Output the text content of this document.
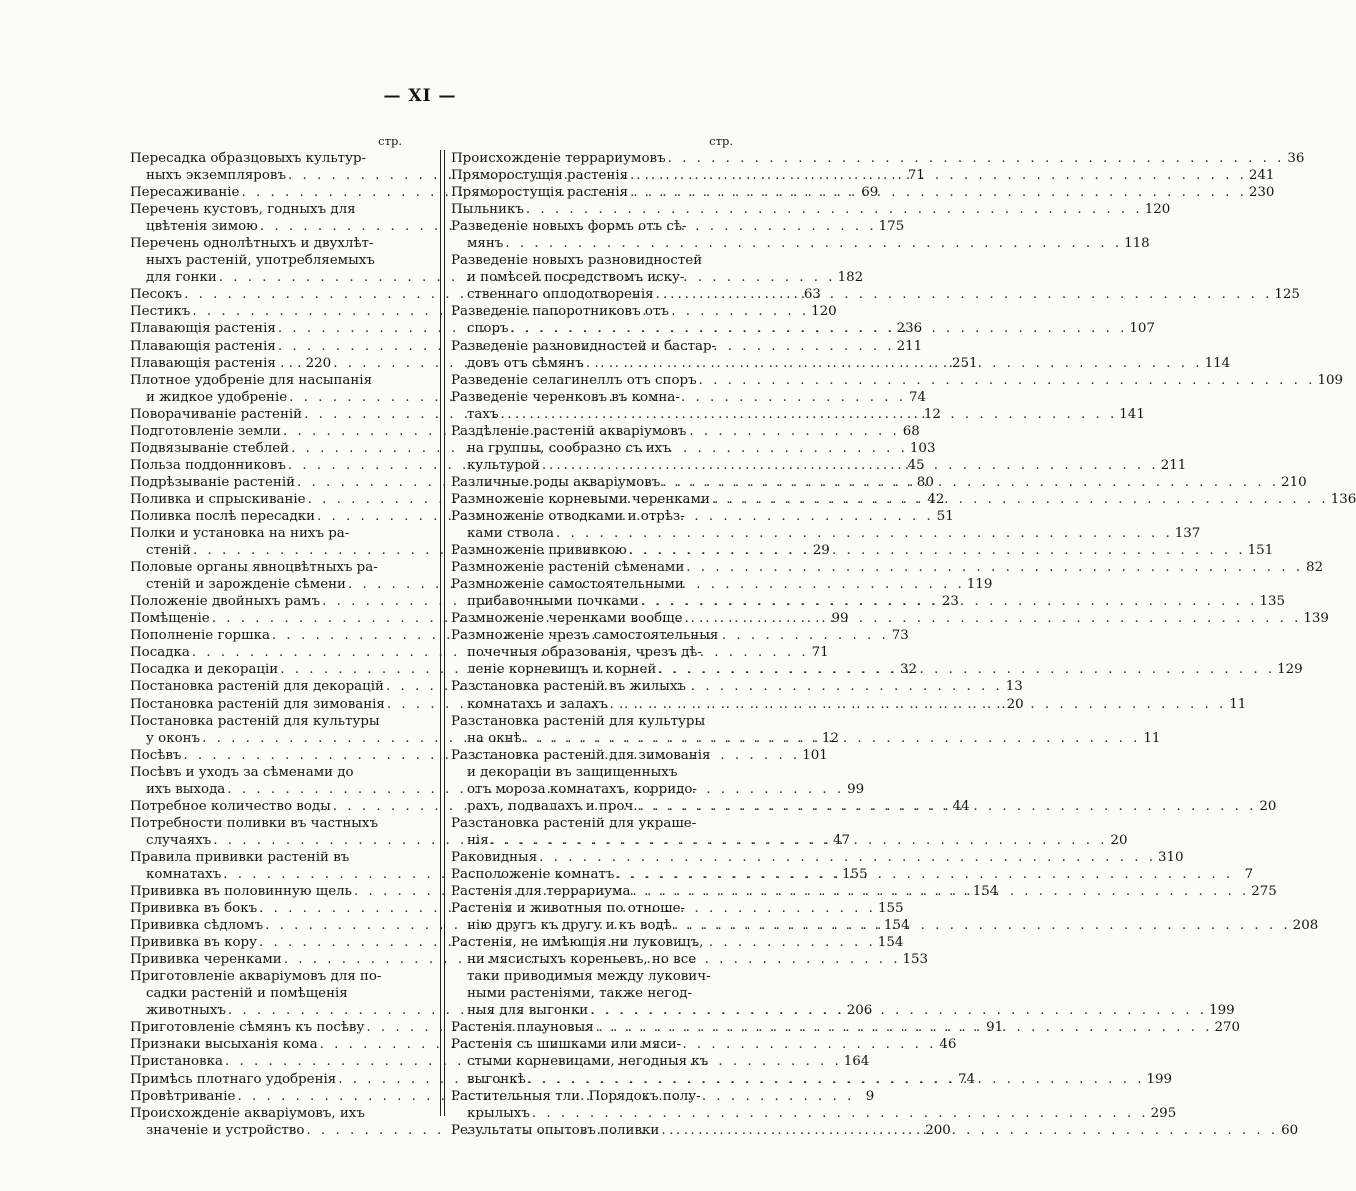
— XI —
стр.
Пересадка образцовыхъ культур-
ныхъ экземпляровъ . . .	71
Пересаживаніе . . .	69
Перечень кустовъ, годныхъ для
цвѣтенія зимою . . .	175
Перечень однолѣтныхъ и двухлѣт-
ныхъ растеній, употребляемыхъ
для гонки . . .	182
Песокъ . . .	63
Пестикъ . . .	120
Плавающія растенія . . .	236
Плавающія растенія . . .	211
Плавающія растенія . . . 220 . . .	251
Плотное удобреніе для насыпанія
и жидкое удобреніе . . .	74
Поворачиваніе растеній . . .	12
Подготовленіе земли . . .	68
Подвязываніе стеблей . . .	103
Польза поддонниковъ . . .	45
Подрѣзываніе растеній . . .	80
Поливка и спрыскиваніе . . .	42
Поливка послѣ пересадки . . .	51
Полки и установка на нихъ ра-
стеній . . .	29
Половые органы явноцвѣтныхъ ра-
стеній и зарожденіе сѣмени . . .	119
Положеніе двойныхъ рамъ . . .	23
Помѣщеніе . . .	99
Пополненіе горшка . . .	73
Посадка . . .	71
Посадка и декораціи . . .	32
Постановка растеній для декорацій . . .	13
Постановка растеній для зимованія . . .	20
Постановка растеній для культуры
у оконъ . . .	12
Посѣвъ . . .	101
Посѣвъ и уходъ за сѣменами до
ихъ выхода . . .	99
Потребное количество воды . . .	44
Потребности поливки въ частныхъ
случаяхъ . . .	47
Правила прививки растеній въ
комнатахъ . . .	155
Прививка въ половинную щель . . .	154
Прививка въ бокъ . . .	155
Прививка сѣдломъ . . .	154
Прививка въ кору . . .	154
Прививка черенками . . .	153
Приготовленіе акваріумовъ для по-
садки растеній и помѣщенія
животныхъ . . .	206
Приготовленіе сѣмянъ къ посѣву . . .	91
Признаки высыханія кома . . .	46
Пристановка . . .	164
Примѣсь плотнаго удобренія . . .	74
Провѣтриваніе . . .	9
Происхожденіе акваріумовъ, ихъ
значеніе и устройство . . .	200
стр.
Происхожденіе террариумовъ . . .	36
Пряморостущія растенія . . .	241
Пряморостущія растенія . . .	230
Пыльникъ . . .	120
Разведеніе новыхъ формъ отъ сѣ-
мянъ . . .	118
Разведеніе новыхъ разновидностей
и помѣсей посредствомъ иску-
ственнаго оплодотворенія . . .	125
Разведеніе папоротниковъ отъ
споръ . . .	107
Разведеніе разновидностей и бастар-
довъ отъ сѣмянъ . . .	114
Разведеніе селагинеллъ отъ споръ . . .	109
Разведеніе черенковъ въ комна-
тахъ . . .	141
Раздѣленіе растеній акваріумовъ
на группы, сообразно съ ихъ
культурой . . .	211
Различные роды акваріумовъ . . .	210
Размноженіе корневыми черенками . . .	136
Размноженіе отводками и отрѣз-
ками ствола . . .	137
Размноженіе прививкою . . .	151
Размноженіе растеній сѣменами . . .	82
Размноженіе самостоятельными
прибавочными почками . . .	135
Размноженіе черенками вообще . . .	139
Размноженіе чрезъ самостоятельныя
почечныя образованія, чрезъ дѣ-
леніе корневищъ и корней . . .	129
Разстановка растеній въ жилыхъ
комнатахъ и залахъ . . .	11
Разстановка растеній для культуры
на окнѣ . . .	11
Разстановка растеній для зимованія
и декораціи въ защищенныхъ
отъ мороза комнатахъ, корридо-
рахъ, подвалахъ и проч. . . .	20
Разстановка растеній для украше-
нія . . .	20
Раковидныя . . .	310
Расположеніе комнатъ . . .	7
Растенія для террариума . . .	275
Растенія и животныя по отноше-
нію другъ къ другу и къ водѣ . . .	208
Растенія, не имѣющія ни луковицъ,
ни мясистыхъ кореньевъ, но все
таки приводимыя между лукович-
ными растеніями, также негод-
ныя для выгонки . . .	199
Растенія плауновыя . . .	270
Растенія съ шишками или мяси-
стыми корневицами, негодныя къ
выгонкѣ . . .	199
Растительныя тли. Порядокъ полу-
крылыхъ . . .	295
Результаты опытовъ поливки . . .	60
